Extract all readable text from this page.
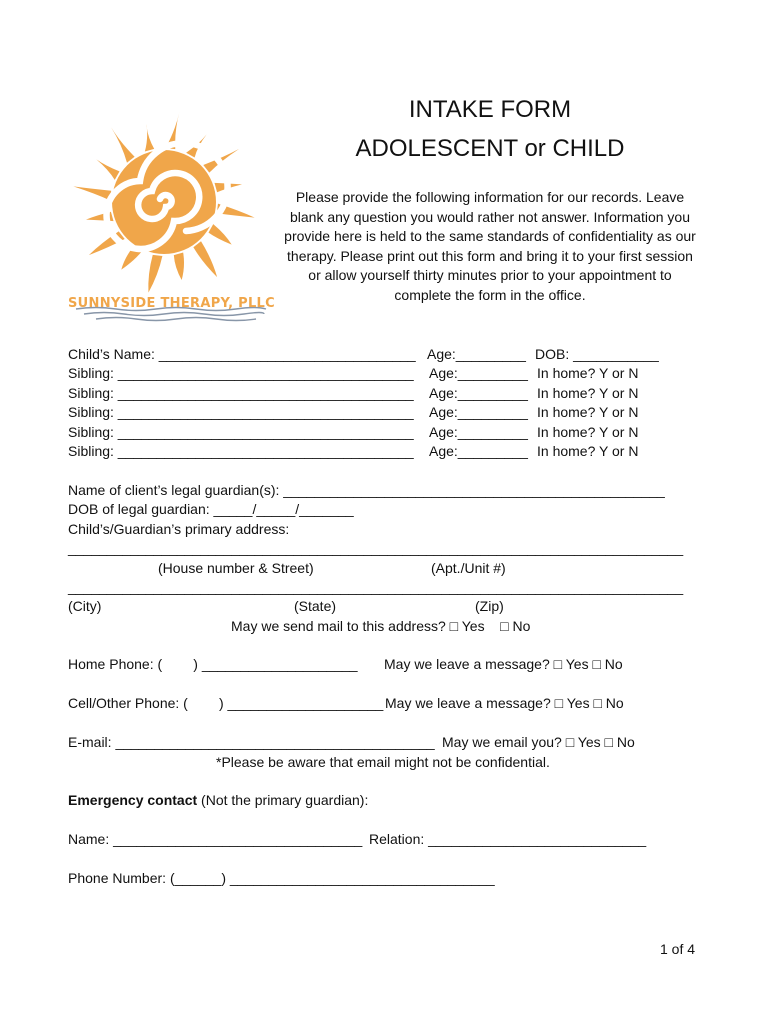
SUNNYSIDE THERAPY, PLLC
INTAKE FORM
ADOLESCENT or CHILD
Please provide the following information for our records. Leave blank any question you would rather not answer. Information you provide here is held to the same standards of confidentiality as our therapy. Please print out this form and bring it to your first session or allow yourself thirty minutes prior to your appointment to complete the form in the office.
Child’s Name: _________________________________ Age:_________ DOB: ___________
Sibling: ______________________________________ Age:_________ In home? Y or N
Sibling: ______________________________________ Age:_________ In home? Y or N
Sibling: ______________________________________ Age:_________ In home? Y or N
Sibling: ______________________________________ Age:_________ In home? Y or N
Sibling: ______________________________________ Age:_________ In home? Y or N
Name of client’s legal guardian(s): _________________________________________________
DOB of legal guardian: _____/_____/_______
Child’s/Guardian’s primary address:
_______________________________________________________________________________
(House number & Street)	(Apt./Unit #)
_______________________________________________________________________________
(City)	(State)	(Zip)
May we send mail to this address? □ Yes    □ No
Home Phone: (        ) ____________________ May we leave a message? □ Yes □ No
Cell/Other Phone: (        ) ____________________ May we leave a message? □ Yes □ No
E-mail: _________________________________________ May we email you? □ Yes □ No
*Please be aware that email might not be confidential.
Emergency contact (Not the primary guardian):
Name: ________________________________ Relation: ____________________________
Phone Number: (______) __________________________________
1 of 4
